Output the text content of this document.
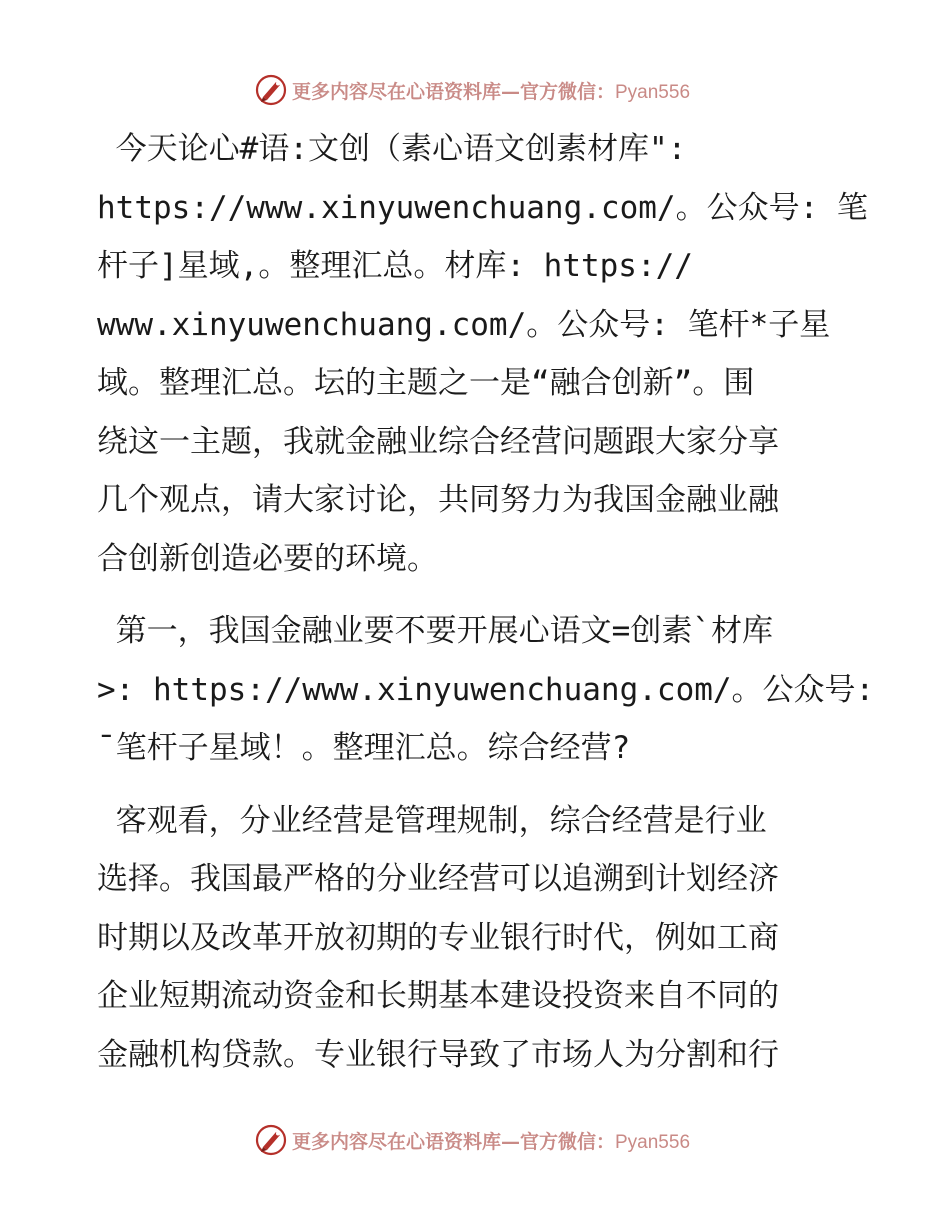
更多内容尽在心语资料库—官方微信：Pyan556
今天论心#语:文创（素心语文创素材库":
https://www.xinyuwenchuang.com/。公众号: 笔
杆子]星域,。整理汇总。材库: https://
www.xinyuwenchuang.com/。公众号: 笔杆*子星
域。整理汇总。坛的主题之一是“融合创新”。围
绕这一主题，我就金融业综合经营问题跟大家分享
几个观点，请大家讨论，共同努力为我国金融业融
合创新创造必要的环境。
第一，我国金融业要不要开展心语文=创素`材库
>: https://www.xinyuwenchuang.com/。公众号:
¯笔杆子星域！。整理汇总。综合经营?
客观看，分业经营是管理规制，综合经营是行业
选择。我国最严格的分业经营可以追溯到计划经济
时期以及改革开放初期的专业银行时代，例如工商
企业短期流动资金和长期基本建设投资来自不同的
金融机构贷款。专业银行导致了市场人为分割和行
更多内容尽在心语资料库—官方微信：Pyan556
